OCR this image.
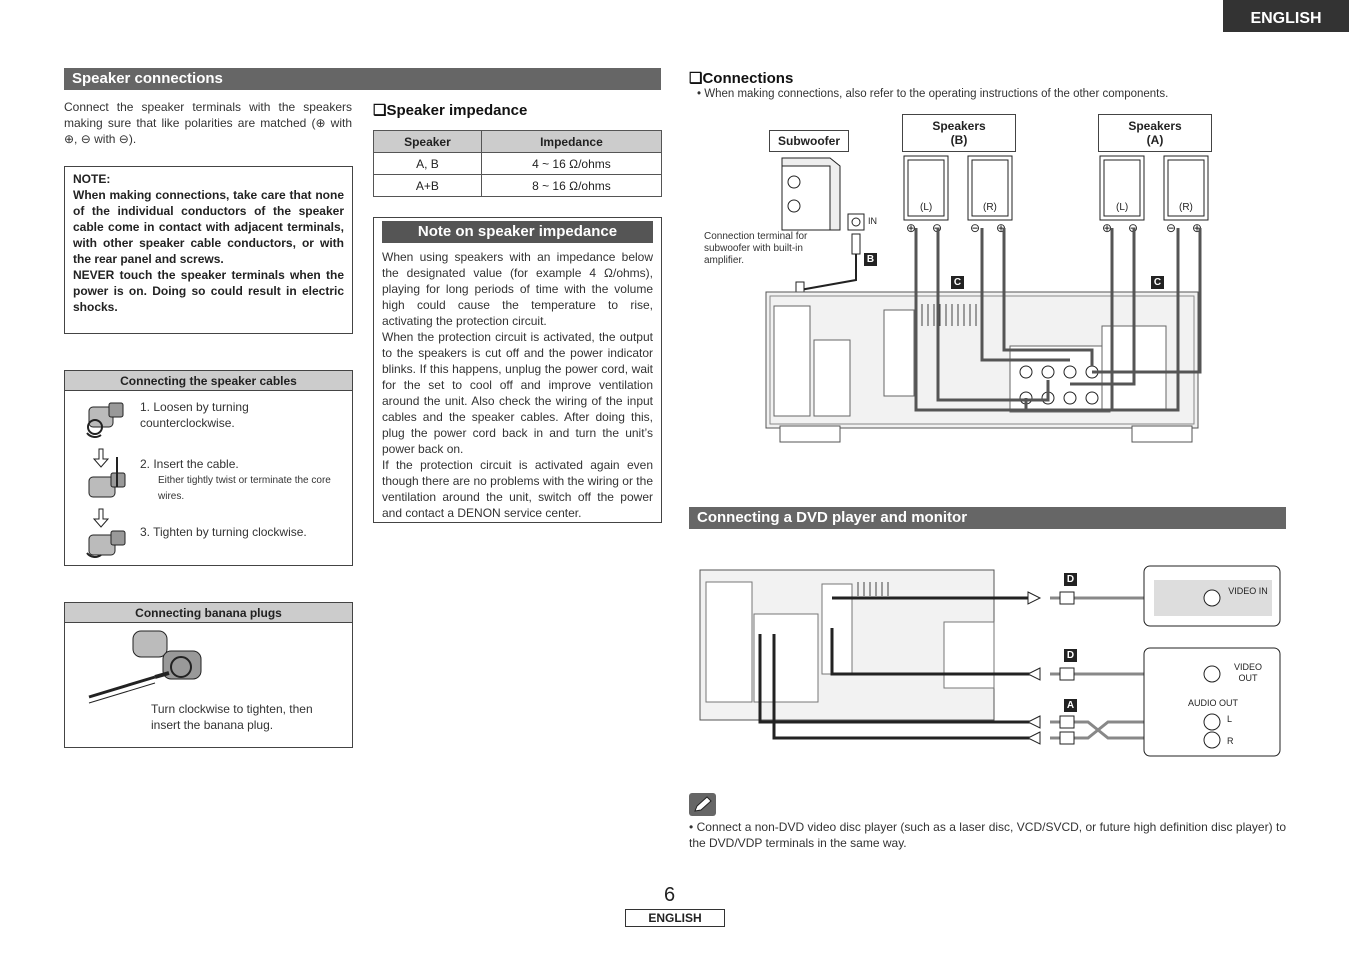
ENGLISH
Speaker connections
Connect the speaker terminals with the speakers making sure that like polarities are matched (⊕ with ⊕, ⊖ with ⊖).
NOTE:
When making connections, take care that none of the individual conductors of the speaker cable come in contact with adjacent terminals, with other speaker cable conductors, or with the rear panel and screws.
NEVER touch the speaker terminals when the power is on. Doing so could result in electric shocks.
Connecting the speaker cables
1. Loosen by turning counterclockwise.
2. Insert the cable.
Either tightly twist or terminate the core wires.
3. Tighten by turning clockwise.
Connecting banana plugs
Turn clockwise to tighten, then insert the banana plug.
❑Speaker impedance
Speaker	Impedance
A, B	4 ~ 16 Ω/ohms
A+B	8 ~ 16 Ω/ohms
Note on speaker impedance
When using speakers with an impedance below the designated value (for example 4 Ω/ohms), playing for long periods of time with the volume high could cause the temperature to rise, activating the protection circuit.
When the protection circuit is activated, the output to the speakers is cut off and the power indicator blinks. If this happens, unplug the power cord, wait for the set to cool off and improve ventilation around the unit. Also check the wiring of the input cables and the speaker cables. After doing this, plug the power cord back in and turn the unit’s power back on.
If the protection circuit is activated again even though there are no problems with the wiring or the ventilation around the unit, switch off the power and contact a DENON service center.
❑Connections
• When making connections, also refer to the operating instructions of the other components.
⊕ ⊖ ⊖ ⊕	⊕ ⊖ ⊖ ⊕
Subwoofer
Speakers
(B)
Speakers
(A)
(L)	(R)	(L)	(R)
IN
Connection terminal for subwoofer with built-in amplifier.	B
C	C
Connecting a DVD player and monitor
VIDEO IN
VIDEO OUT
AUDIO OUT
L
R
D
D
A
• Connect a non-DVD video disc player (such as a laser disc, VCD/SVCD, or future high definition disc player) to the DVD/VDP terminals in the same way.
6
ENGLISH
